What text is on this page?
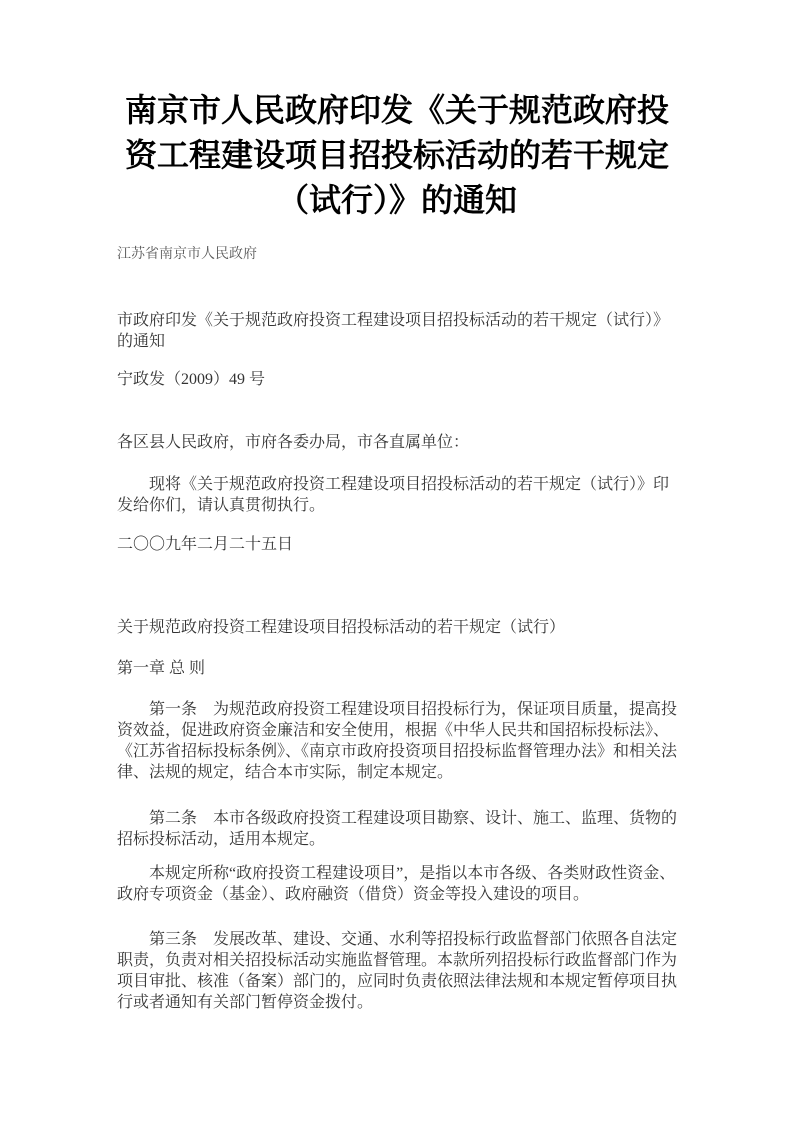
南京市人民政府印发《关于规范政府投资工程建设项目招投标活动的若干规定（试行）》的通知

江苏省南京市人民政府

市政府印发《关于规范政府投资工程建设项目招投标活动的若干规定（试行）》的通知

宁政发（2009）49 号

各区县人民政府，市府各委办局，市各直属单位：

现将《关于规范政府投资工程建设项目招投标活动的若干规定（试行）》印发给你们，请认真贯彻执行。

二〇〇九年二月二十五日

关于规范政府投资工程建设项目招投标活动的若干规定（试行）

第一章 总 则

第一条　为规范政府投资工程建设项目招投标行为，保证项目质量，提高投资效益，促进政府资金廉洁和安全使用，根据《中华人民共和国招标投标法》、《江苏省招标投标条例》、《南京市政府投资项目招投标监督管理办法》和相关法律、法规的规定，结合本市实际，制定本规定。

第二条　本市各级政府投资工程建设项目勘察、设计、施工、监理、货物的招标投标活动，适用本规定。

本规定所称“政府投资工程建设项目”，是指以本市各级、各类财政性资金、政府专项资金（基金）、政府融资（借贷）资金等投入建设的项目。

第三条　发展改革、建设、交通、水利等招投标行政监督部门依照各自法定职责，负责对相关招投标活动实施监督管理。本款所列招投标行政监督部门作为项目审批、核准（备案）部门的，应同时负责依照法律法规和本规定暂停项目执行或者通知有关部门暂停资金拨付。
